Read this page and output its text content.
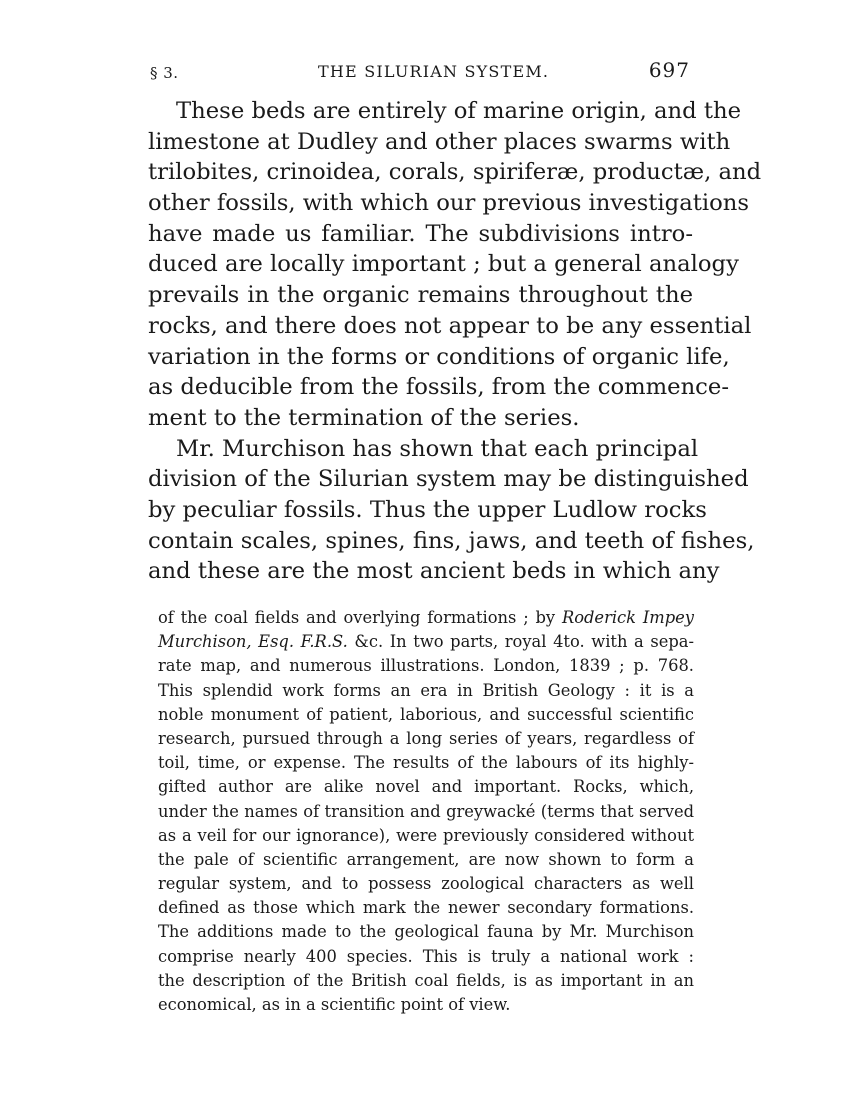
§ 3.	THE SILURIAN SYSTEM.	697
These beds are entirely of marine origin, and the
limestone at Dudley and other places swarms with
trilobites, crinoidea, corals, spiriferæ, productæ, and
other fossils, with which our previous investigations
have made us familiar. The subdivisions intro-
duced are locally important ; but a general analogy
prevails in the organic remains throughout the
rocks, and there does not appear to be any essential
variation in the forms or conditions of organic life,
as deducible from the fossils, from the commence-
ment to the termination of the series.
Mr. Murchison has shown that each principal
division of the Silurian system may be distinguished
by peculiar fossils. Thus the upper Ludlow rocks
contain scales, spines, fins, jaws, and teeth of fishes,
and these are the most ancient beds in which any
of the coal fields and overlying formations ; by Roderick Impey
Murchison, Esq. F.R.S. &c. In two parts, royal 4to. with a sepa-
rate map, and numerous illustrations. London, 1839 ; p. 768.
This splendid work forms an era in British Geology : it is a
noble monument of patient, laborious, and successful scientific
research, pursued through a long series of years, regardless of
toil, time, or expense. The results of the labours of its highly-
gifted author are alike novel and important. Rocks, which,
under the names of transition and greywacké (terms that served
as a veil for our ignorance), were previously considered without
the pale of scientific arrangement, are now shown to form a
regular system, and to possess zoological characters as well
defined as those which mark the newer secondary formations.
The additions made to the geological fauna by Mr. Murchison
comprise nearly 400 species. This is truly a national work :
the description of the British coal fields, is as important in an
economical, as in a scientific point of view.
